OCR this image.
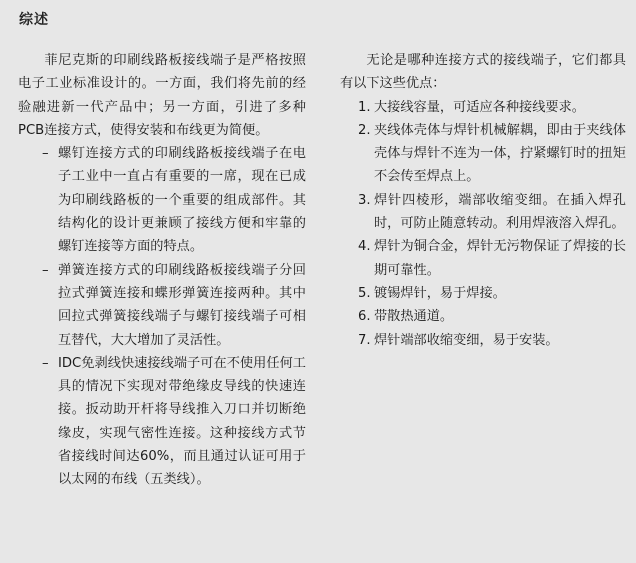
综述

菲尼克斯的印刷线路板接线端子是严格按照电子工业标准设计的。一方面，我们将先前的经验融进新一代产品中；另一方面，引进了多种PCB连接方式，使得安装和布线更为简便。

– 螺钉连接方式的印刷线路板接线端子在电子工业中一直占有重要的一席，现在已成为印刷线路板的一个重要的组成部件。其结构化的设计更兼顾了接线方便和牢靠的螺钉连接等方面的特点。
– 弹簧连接方式的印刷线路板接线端子分回拉式弹簧连接和蝶形弹簧连接两种。其中回拉式弹簧接线端子与螺钉接线端子可相互替代，大大增加了灵活性。
– IDC免剥线快速接线端子可在不使用任何工具的情况下实现对带绝缘皮导线的快速连接。扳动助开杆将导线推入刀口并切断绝缘皮，实现气密性连接。这种接线方式节省接线时间达60%，而且通过认证可用于以太网的布线（五类线）。

无论是哪种连接方式的接线端子，它们都具有以下这些优点：

1. 大接线容量，可适应各种接线要求。
2. 夹线体壳体与焊针机械解耦，即由于夹线体壳体与焊针不连为一体，拧紧螺钉时的扭矩不会传至焊点上。
3. 焊针四棱形，端部收缩变细。在插入焊孔时，可防止随意转动。利用焊液溶入焊孔。
4. 焊针为铜合金，焊针无污物保证了焊接的长期可靠性。
5. 镀锡焊针，易于焊接。
6. 带散热通道。
7. 焊针端部收缩变细，易于安装。
